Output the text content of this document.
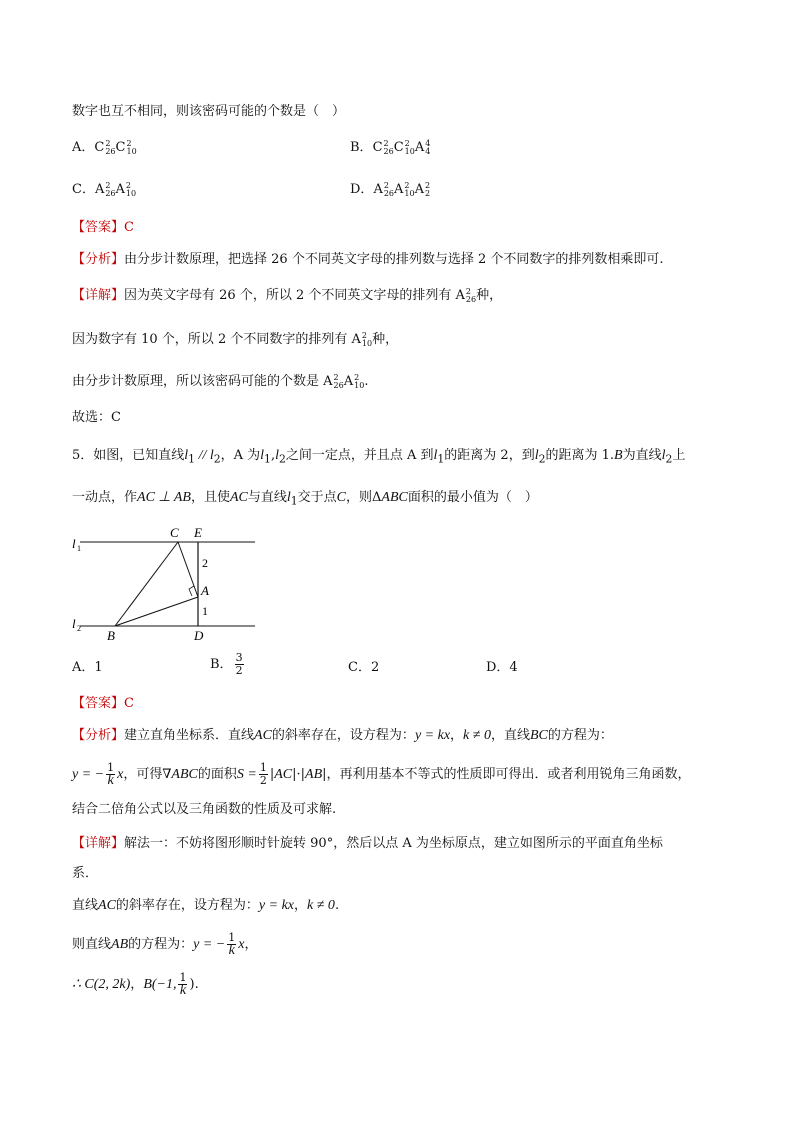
数字也互不相同，则该密码可能的个数是（　）
A．C 2
26 C 2
10	B．C 2
26 C 2
10 A 4
4
C．A 2
26 A 2
10	D．A 2
26 A 2
10 A 2
2
【答案】C
【分析】由分步计数原理，把选择 26 个不同英文字母的排列数与选择 2 个不同数字的排列数相乘即可.
【详解】因为英文字母有 26 个，所以 2 个不同英文字母的排列有 A 2
26 种，
因为数字有 10 个，所以 2 个不同数字的排列有 A 2
10 种，
由分步计数原理，所以该密码可能的个数是 A 2
26 A 2
10 .
故选：C
5．如图，已知直线$l_1 // l_2$，A 为$l_1,l_2$之间一定点，并且点 A 到$l_1$的距离为 2，到$l_2$的距离为 1.B为直线$l_2$上
一动点，作AC ⊥ AB，且使AC与直线$l_1$交于点C，则ΔABC面积的最小值为（　）
l 1
l 2
C E
A
B	D
2
1
A．1	B． $\frac{3}{2}$	C．2	D．4
【答案】C
【分析】建立直角坐标系．直线AC的斜率存在，设方程为：y = kx，k ≠ 0，直线BC的方程为：
y = − $\frac{1}{k}$ x，可得∇ABC的面积$S = \frac{1}{2} |AC|\cdot|AB|$，再利用基本不等式的性质即可得出．或者利用锐角三角函数，
结合二倍角公式以及三角函数的性质及可求解.
【详解】解法一：不妨将图形顺时针旋转 90°，然后以点 A 为坐标原点，建立如图所示的平面直角坐标
系．
直线AC的斜率存在，设方程为：y = kx，k ≠ 0.
则直线AB的方程为：y = − $\frac{1}{k}$ x，
∴ C(2, 2k)，B(−1, $\frac{1}{k}$ ).
